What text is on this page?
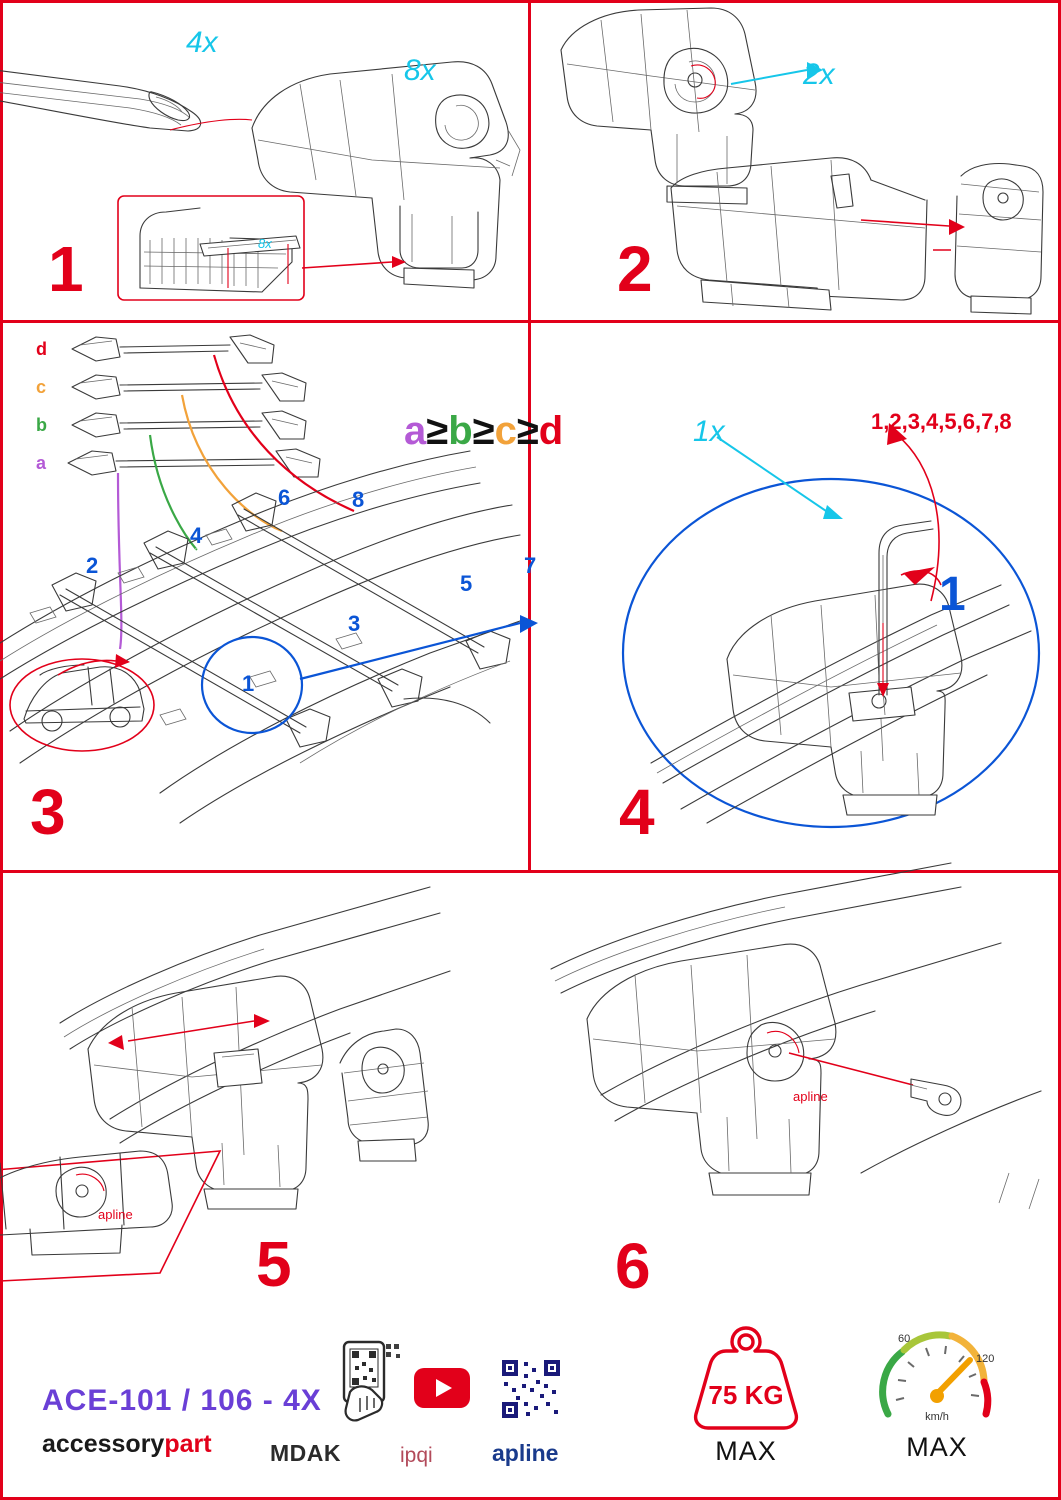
8x
4x
8x
1
2x
2
d
c
b
a
1
2
3
4
5
6
7
8
a ≥ b ≥ c ≥ d
3
1x	1,2,3,4,5,6,7,8
1
4
apline
5
apline
6
ACE-101 / 106 - 4X
accessorypart	MDAK	ipqi	apline
75 KG
MAX
60
120
km/h
MAX
